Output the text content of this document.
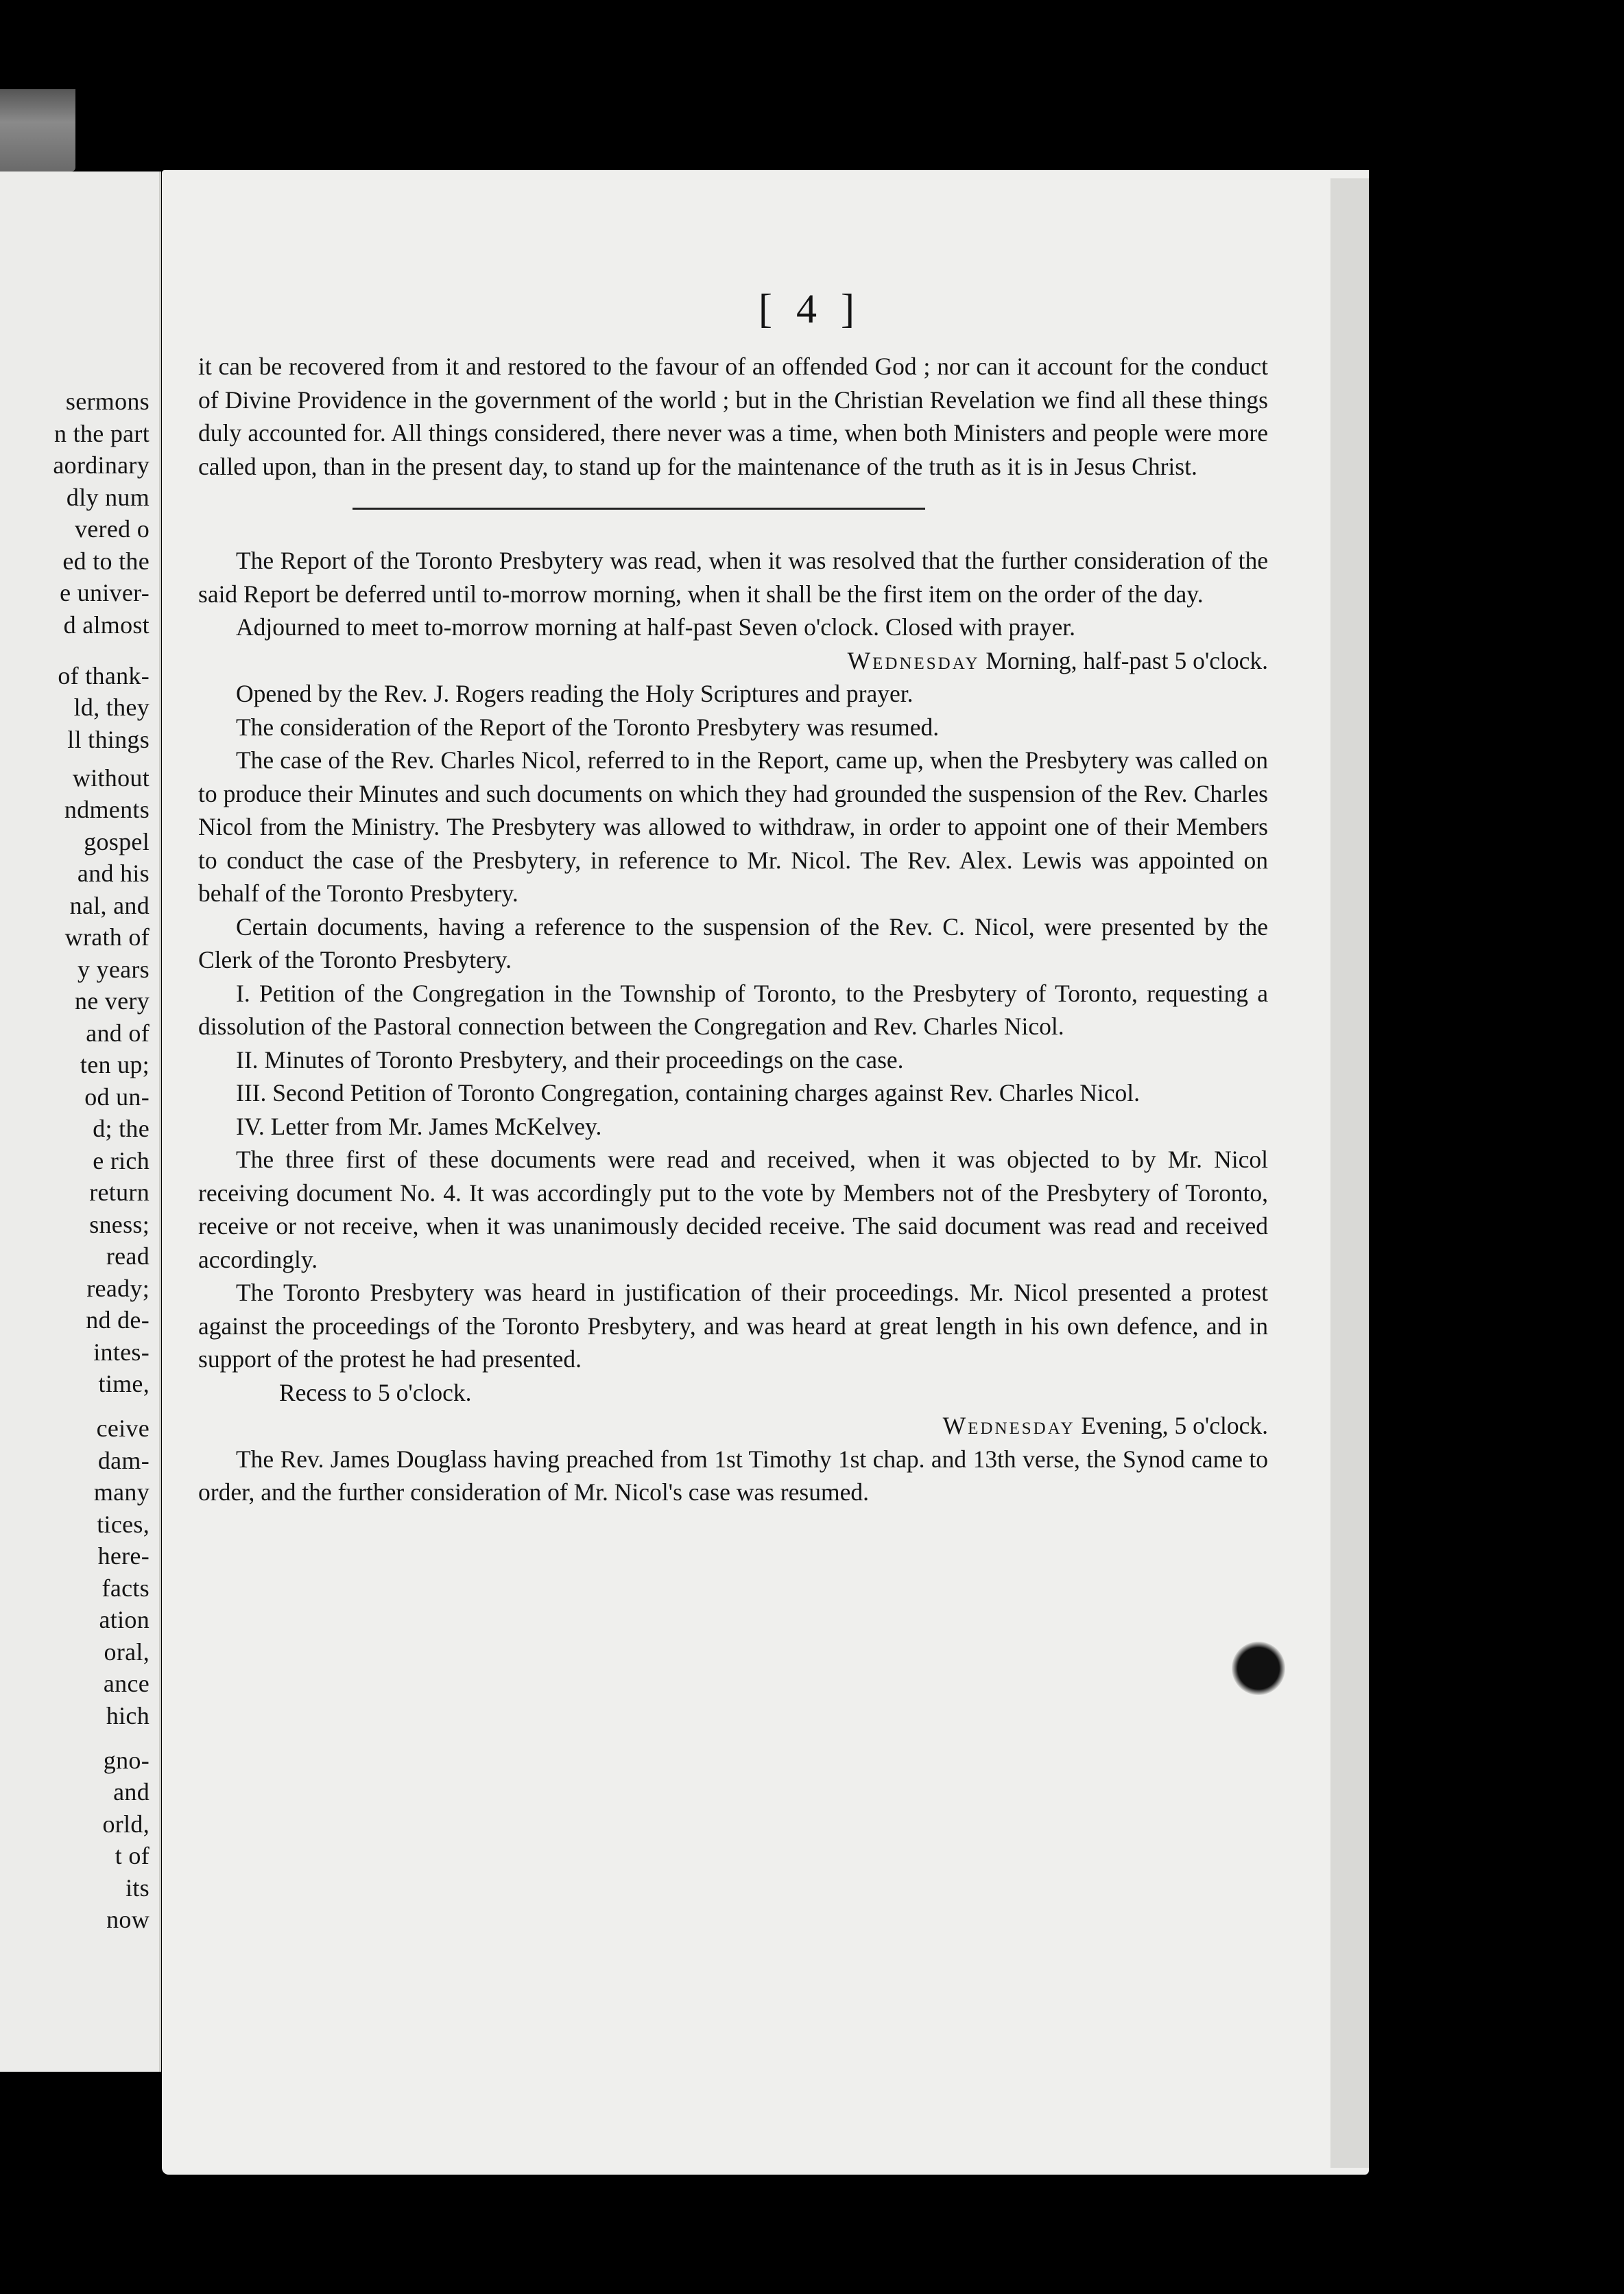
sermons
n the part
aordinary
dly num
vered o
ed to the
e univer-
d almost
of thank-
ld, they
ll things
without
ndments
gospel
and his
nal, and
wrath of
y years
ne very
and of
ten up;
od un-
d; the
e rich
return
sness;
read
ready;
nd de-
intes-
time,
ceive
dam-
many
tices,
here-
facts
ation
oral,
ance
hich
gno-
and
orld,
t of
its
now
[ 4 ]

it can be recovered from it and restored to the favour of an offended God ; nor can it account for the conduct of Divine Providence in the government of the world ; but in the Christian Revelation we find all these things duly accounted for. All things considered, there never was a time, when both Ministers and people were more called upon, than in the present day, to stand up for the maintenance of the truth as it is in Jesus Christ.

The Report of the Toronto Presbytery was read, when it was resolved that the further consideration of the said Report be deferred until to-morrow morning, when it shall be the first item on the order of the day.

Adjourned to meet to-morrow morning at half-past Seven o'clock. Closed with prayer.

Wednesday Morning, half-past 5 o'clock.

Opened by the Rev. J. Rogers reading the Holy Scriptures and prayer.

The consideration of the Report of the Toronto Presbytery was resumed.

The case of the Rev. Charles Nicol, referred to in the Report, came up, when the Presbytery was called on to produce their Minutes and such documents on which they had grounded the suspension of the Rev. Charles Nicol from the Ministry. The Presbytery was allowed to withdraw, in order to appoint one of their Members to conduct the case of the Presbytery, in reference to Mr. Nicol. The Rev. Alex. Lewis was appointed on behalf of the Toronto Presbytery.

Certain documents, having a reference to the suspension of the Rev. C. Nicol, were presented by the Clerk of the Toronto Presbytery.

I. Petition of the Congregation in the Township of Toronto, to the Presbytery of Toronto, requesting a dissolution of the Pastoral connection between the Congregation and Rev. Charles Nicol.

II. Minutes of Toronto Presbytery, and their proceedings on the case.

III. Second Petition of Toronto Congregation, containing charges against Rev. Charles Nicol.

IV. Letter from Mr. James McKelvey.

The three first of these documents were read and received, when it was objected to by Mr. Nicol receiving document No. 4. It was accordingly put to the vote by Members not of the Presbytery of Toronto, receive or not receive, when it was unanimously decided receive. The said document was read and received accordingly.

The Toronto Presbytery was heard in justification of their proceedings. Mr. Nicol presented a protest against the proceedings of the Toronto Presbytery, and was heard at great length in his own defence, and in support of the protest he had presented.

Recess to 5 o'clock.

Wednesday Evening, 5 o'clock.

The Rev. James Douglass having preached from 1st Timothy 1st chap. and 13th verse, the Synod came to order, and the further consideration of Mr. Nicol's case was resumed.
